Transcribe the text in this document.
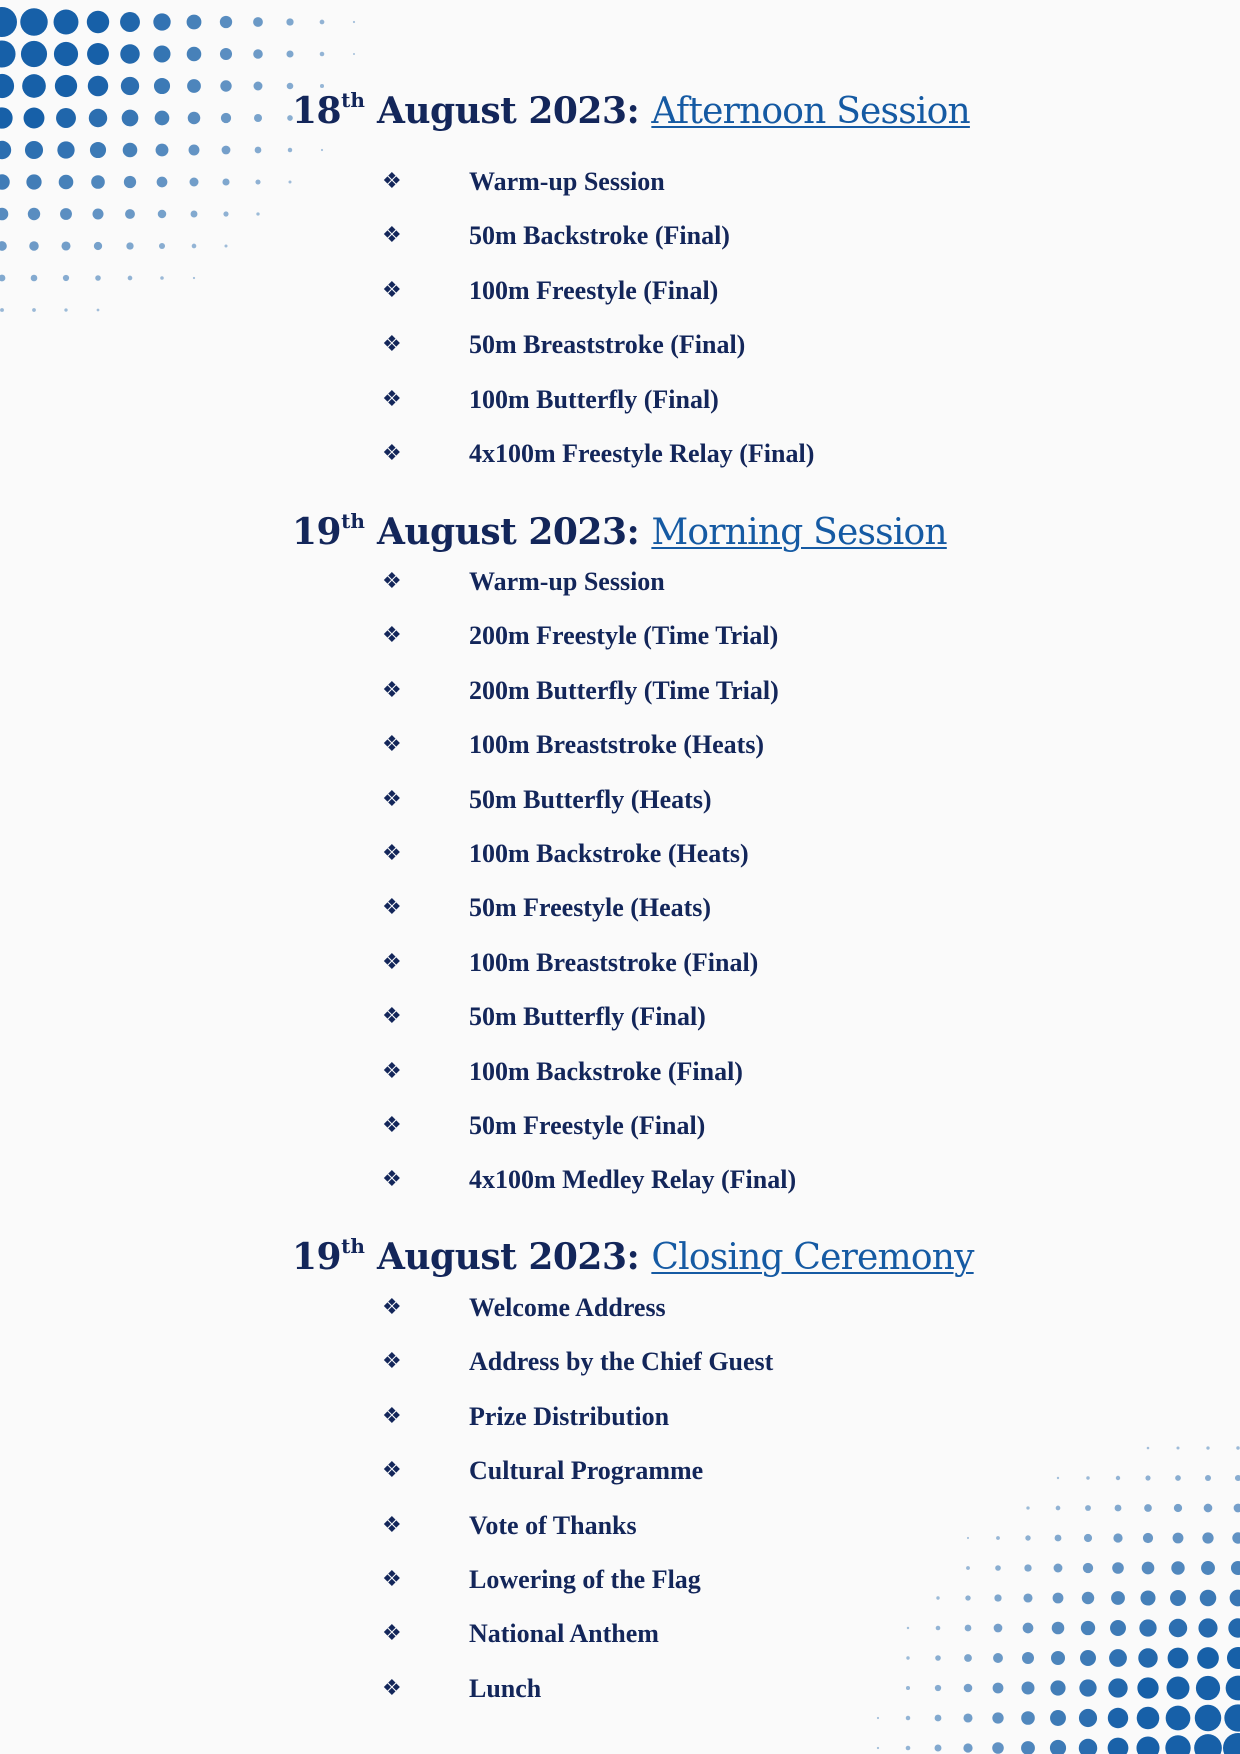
18th August 2023: Afternoon Session
❖	Warm-up Session
❖	50m Backstroke (Final)
❖	100m Freestyle (Final)
❖	50m Breaststroke (Final)
❖	100m Butterfly (Final)
❖	4x100m Freestyle Relay (Final)
19th August 2023: Morning Session
❖	Warm-up Session
❖	200m Freestyle (Time Trial)
❖	200m Butterfly (Time Trial)
❖	100m Breaststroke (Heats)
❖	50m Butterfly (Heats)
❖	100m Backstroke (Heats)
❖	50m Freestyle (Heats)
❖	100m Breaststroke (Final)
❖	50m Butterfly (Final)
❖	100m Backstroke (Final)
❖	50m Freestyle (Final)
❖	4x100m Medley Relay (Final)
19th August 2023: Closing Ceremony
❖	Welcome Address
❖	Address by the Chief Guest
❖	Prize Distribution
❖	Cultural Programme
❖	Vote of Thanks
❖	Lowering of the Flag
❖	National Anthem
❖	Lunch
